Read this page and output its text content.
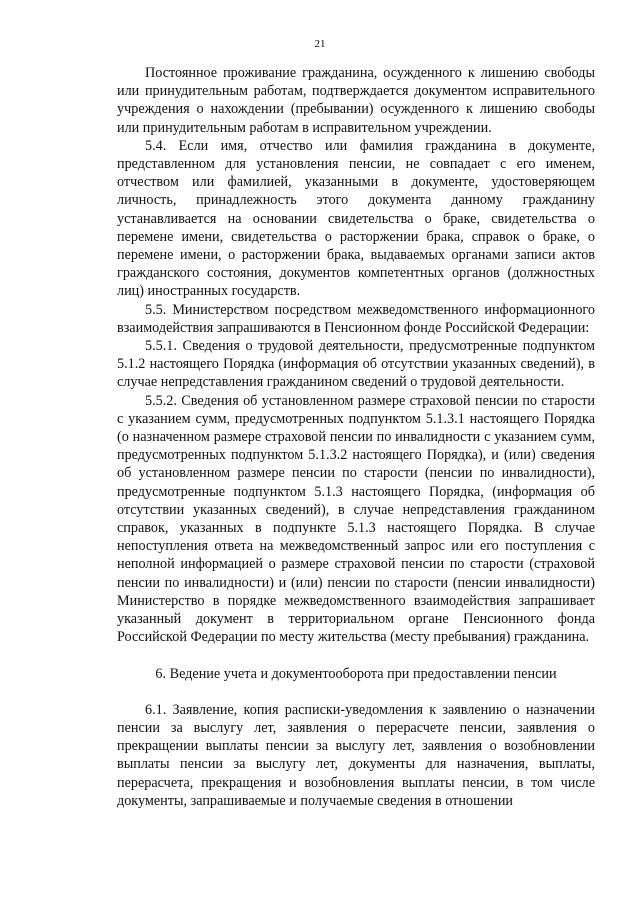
21

Постоянное проживание гражданина, осужденного к лишению свободы или принудительным работам, подтверждается документом исправительного учреждения о нахождении (пребывании) осужденного к лишению свободы или принудительным работам в исправительном учреждении.

5.4. Если имя, отчество или фамилия гражданина в документе, представленном для установления пенсии, не совпадает с его именем, отчеством или фамилией, указанными в документе, удостоверяющем личность, принадлежность этого документа данному гражданину устанавливается на основании свидетельства о браке, свидетельства о перемене имени, свидетельства о расторжении брака, справок о браке, о перемене имени, о расторжении брака, выдаваемых органами записи актов гражданского состояния, документов компетентных органов (должностных лиц) иностранных государств.

5.5. Министерством посредством межведомственного информационного взаимодействия запрашиваются в Пенсионном фонде Российской Федерации:

5.5.1. Сведения о трудовой деятельности, предусмотренные подпунктом 5.1.2 настоящего Порядка (информация об отсутствии указанных сведений), в случае непредставления гражданином сведений о трудовой деятельности.

5.5.2. Сведения об установленном размере страховой пенсии по старости с указанием сумм, предусмотренных подпунктом 5.1.3.1 настоящего Порядка (о назначенном размере страховой пенсии по инвалидности с указанием сумм, предусмотренных подпунктом 5.1.3.2 настоящего Порядка), и (или) сведения об установленном размере пенсии по старости (пенсии по инвалидности), предусмотренные подпунктом 5.1.3 настоящего Порядка, (информация об отсутствии указанных сведений), в случае непредставления гражданином справок, указанных в подпункте 5.1.3 настоящего Порядка. В случае непоступления ответа на межведомственный запрос или его поступления с неполной информацией о размере страховой пенсии по старости (страховой пенсии по инвалидности) и (или) пенсии по старости (пенсии инвалидности) Министерство в порядке межведомственного взаимодействия запрашивает указанный документ в территориальном органе Пенсионного фонда Российской Федерации по месту жительства (месту пребывания) гражданина.

6. Ведение учета и документооборота при предоставлении пенсии

6.1. Заявление, копия расписки-уведомления к заявлению о назначении пенсии за выслугу лет, заявления о перерасчете пенсии, заявления о прекращении выплаты пенсии за выслугу лет, заявления о возобновлении выплаты пенсии за выслугу лет, документы для назначения, выплаты, перерасчета, прекращения и возобновления выплаты пенсии, в том числе документы, запрашиваемые и получаемые сведения в отношении
